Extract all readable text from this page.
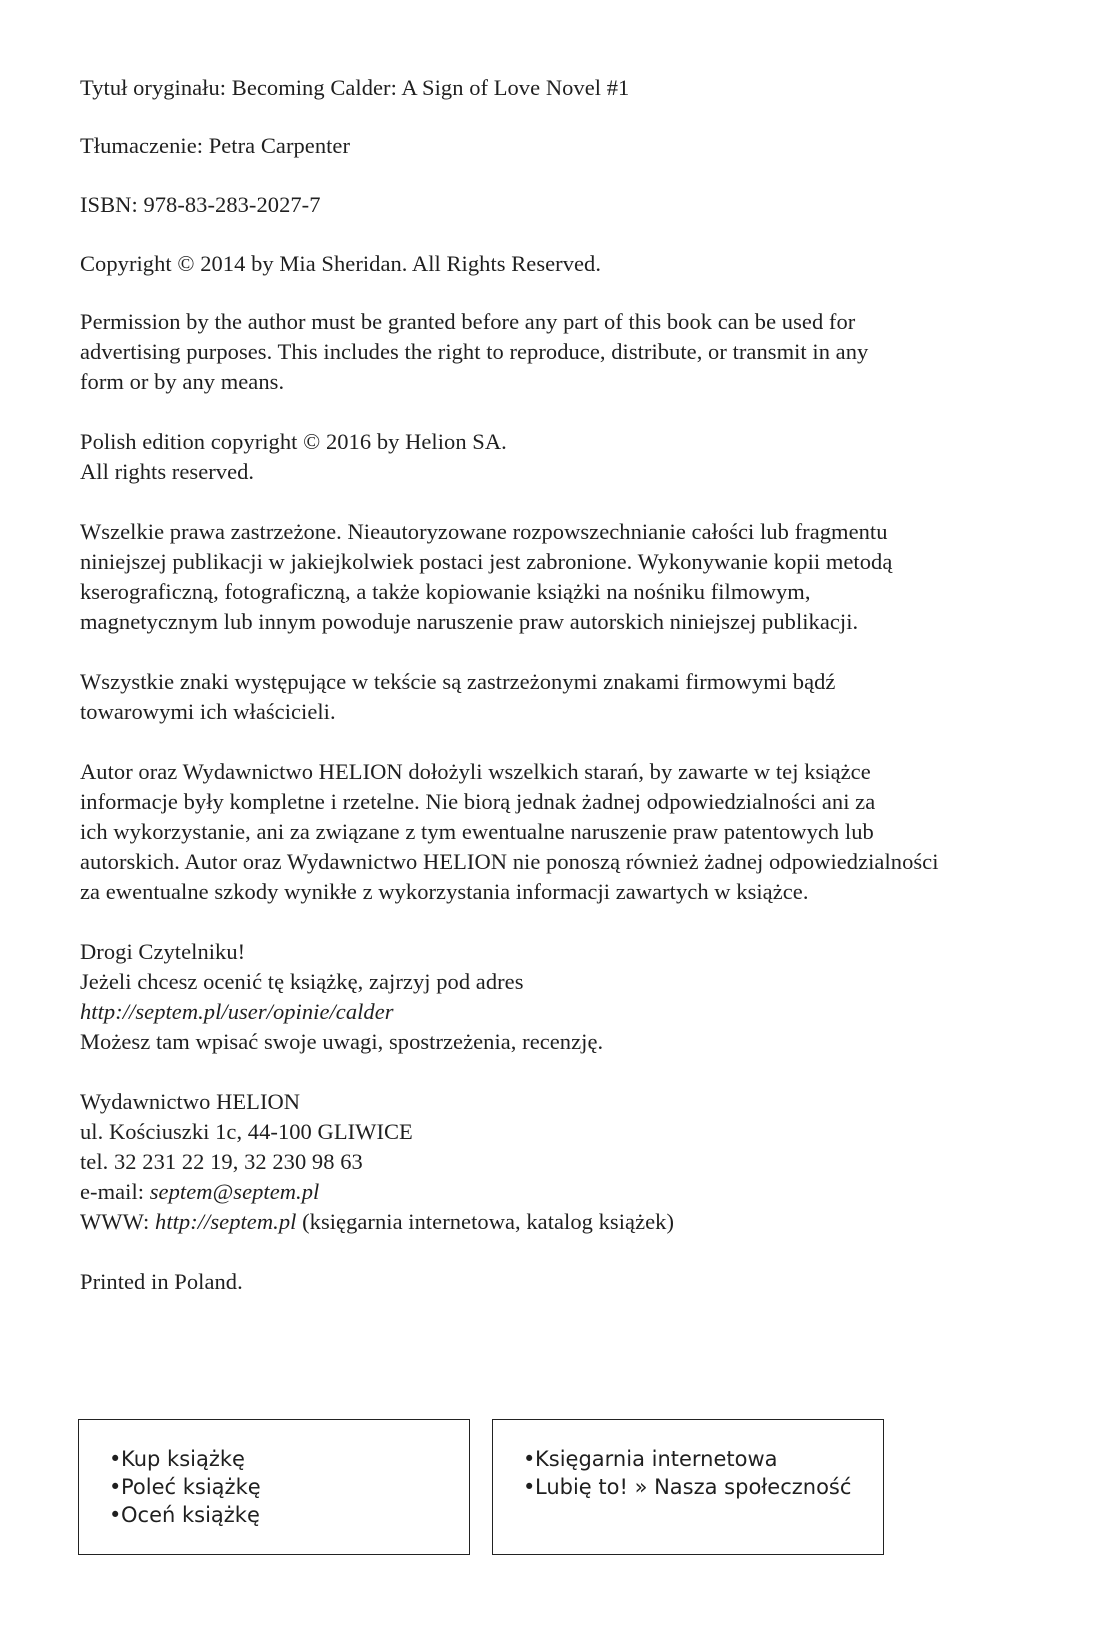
Tytuł oryginału: Becoming Calder: A Sign of Love Novel #1
Tłumaczenie: Petra Carpenter
ISBN: 978-83-283-2027-7
Copyright © 2014 by Mia Sheridan. All Rights Reserved.
Permission by the author must be granted before any part of this book can be used for
advertising purposes. This includes the right to reproduce, distribute, or transmit in any
form or by any means.
Polish edition copyright © 2016 by Helion SA.
All rights reserved.
Wszelkie prawa zastrzeżone. Nieautoryzowane rozpowszechnianie całości lub fragmentu
niniejszej publikacji w jakiejkolwiek postaci jest zabronione. Wykonywanie kopii metodą
kserograficzną, fotograficzną, a także kopiowanie książki na nośniku filmowym,
magnetycznym lub innym powoduje naruszenie praw autorskich niniejszej publikacji.
Wszystkie znaki występujące w tekście są zastrzeżonymi znakami firmowymi bądź
towarowymi ich właścicieli.
Autor oraz Wydawnictwo HELION dołożyli wszelkich starań, by zawarte w tej książce
informacje były kompletne i rzetelne. Nie biorą jednak żadnej odpowiedzialności ani za
ich wykorzystanie, ani za związane z tym ewentualne naruszenie praw patentowych lub
autorskich. Autor oraz Wydawnictwo HELION nie ponoszą również żadnej odpowiedzialności
za ewentualne szkody wynikłe z wykorzystania informacji zawartych w książce.
Drogi Czytelniku!
Jeżeli chcesz ocenić tę książkę, zajrzyj pod adres
http://septem.pl/user/opinie/calder
Możesz tam wpisać swoje uwagi, spostrzeżenia, recenzję.
Wydawnictwo HELION
ul. Kościuszki 1c, 44-100 GLIWICE
tel. 32 231 22 19, 32 230 98 63
e-mail: septem@septem.pl
WWW: http://septem.pl (księgarnia internetowa, katalog książek)
Printed in Poland.
• Kup książkę
• Poleć książkę
• Oceń książkę
• Księgarnia internetowa
• Lubię to! » Nasza społeczność
